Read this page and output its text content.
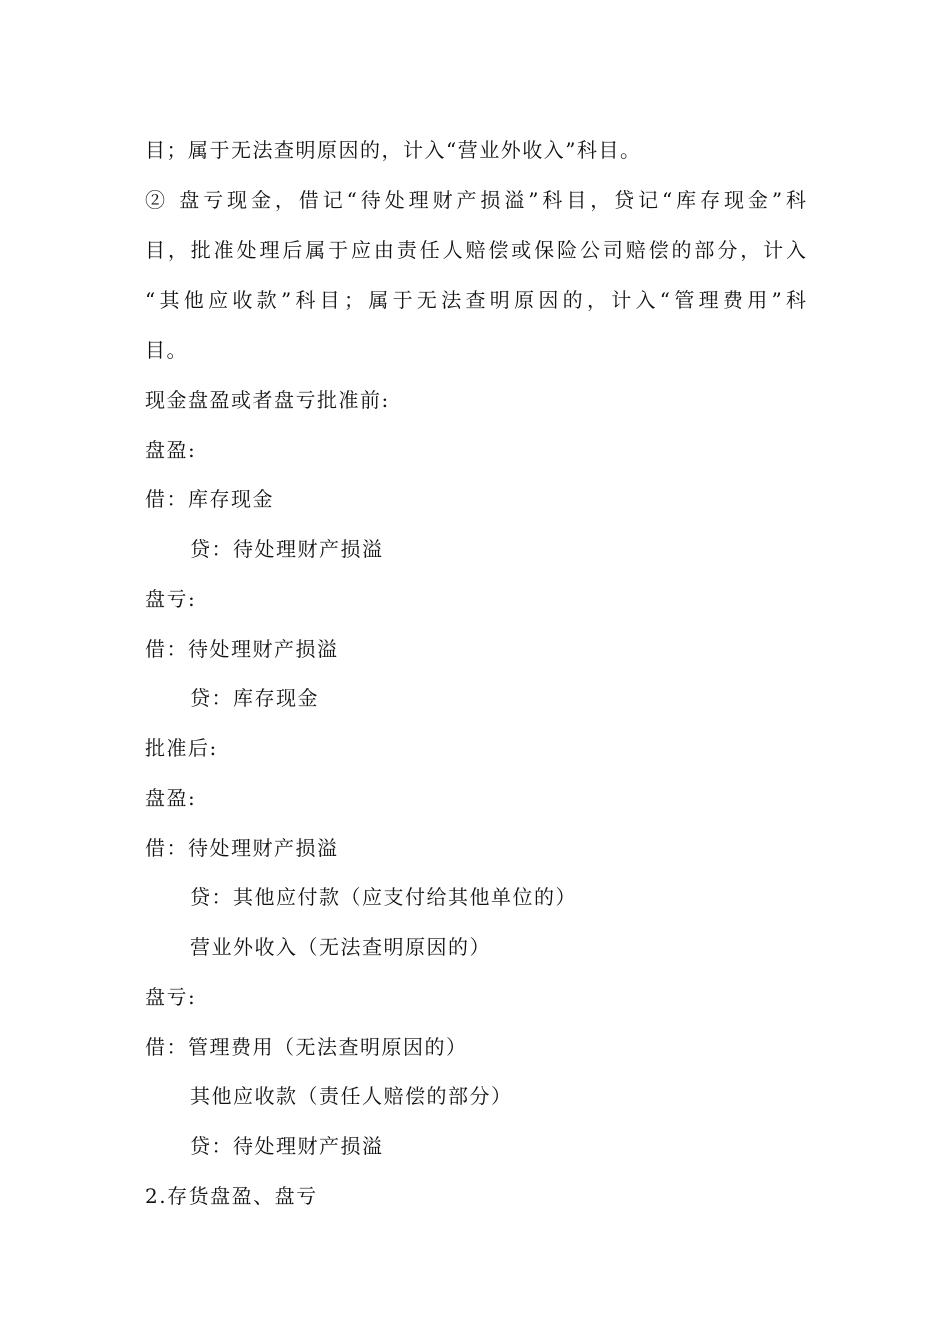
目；属于无法查明原因的，计入“营业外收入”科目。
② 盘亏现金，借记“待处理财产损溢”科目，贷记“库存现金”科
目，批准处理后属于应由责任人赔偿或保险公司赔偿的部分，计入
“其他应收款”科目；属于无法查明原因的，计入“管理费用”科
目。
现金盘盈或者盘亏批准前:
盘盈:
借：库存现金
贷：待处理财产损溢
盘亏:
借：待处理财产损溢
贷：库存现金
批准后:
盘盈:
借：待处理财产损溢
贷：其他应付款（应支付给其他单位的）
营业外收入（无法查明原因的）
盘亏:
借：管理费用（无法查明原因的）
其他应收款（责任人赔偿的部分）
贷：待处理财产损溢
2.存货盘盈、盘亏
